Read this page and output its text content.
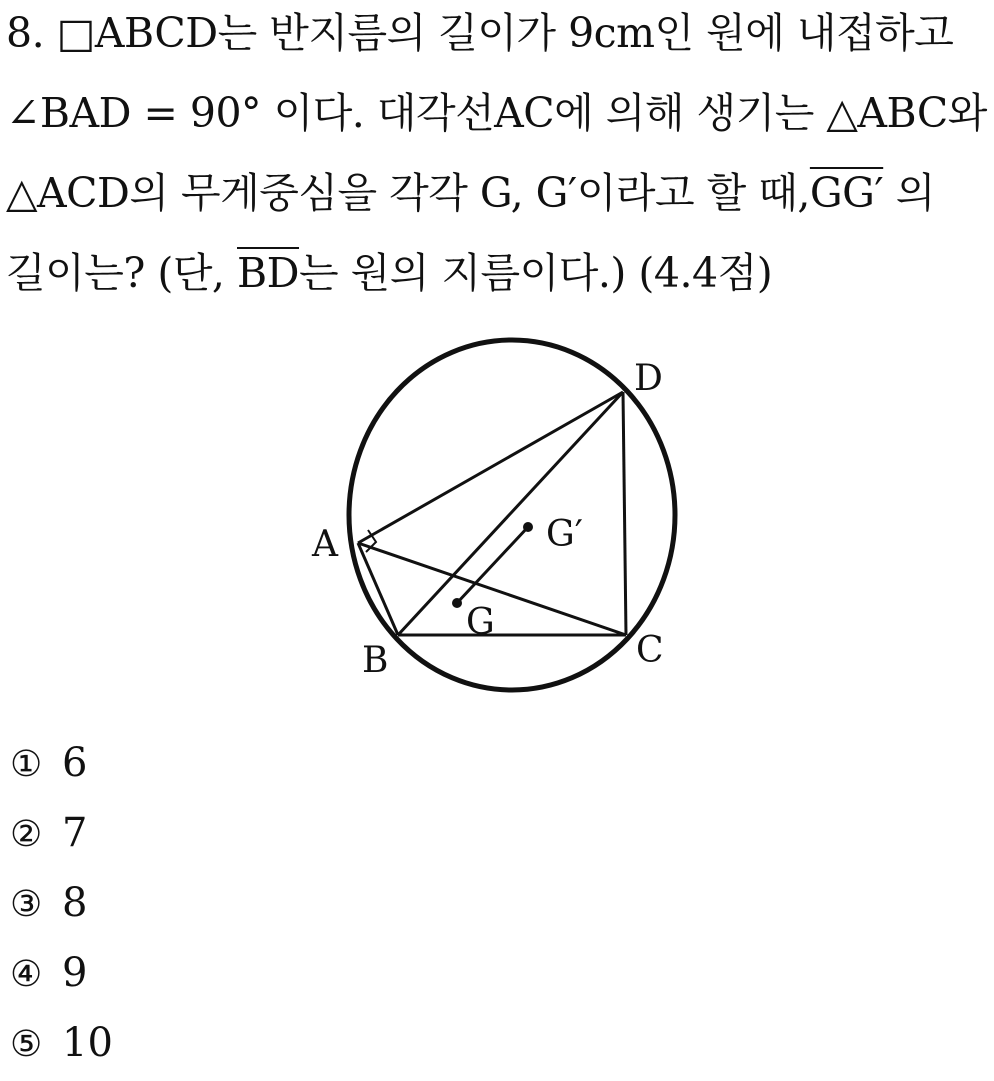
8. □ABCD는 반지름의 길이가 9cm인 원에 내접하고
∠BAD = 90° 이다. 대각선AC에 의해 생기는 △ABC와
△ACD의 무게중심을 각각 G, G′이라고 할 때,GG′ 의
길이는? (단, $\overline{BD}$는 원의 지름이다.) (4.4점)
A
B	C
D
G
G′
① 6
② 7
③ 8
④ 9
⑤ 10
